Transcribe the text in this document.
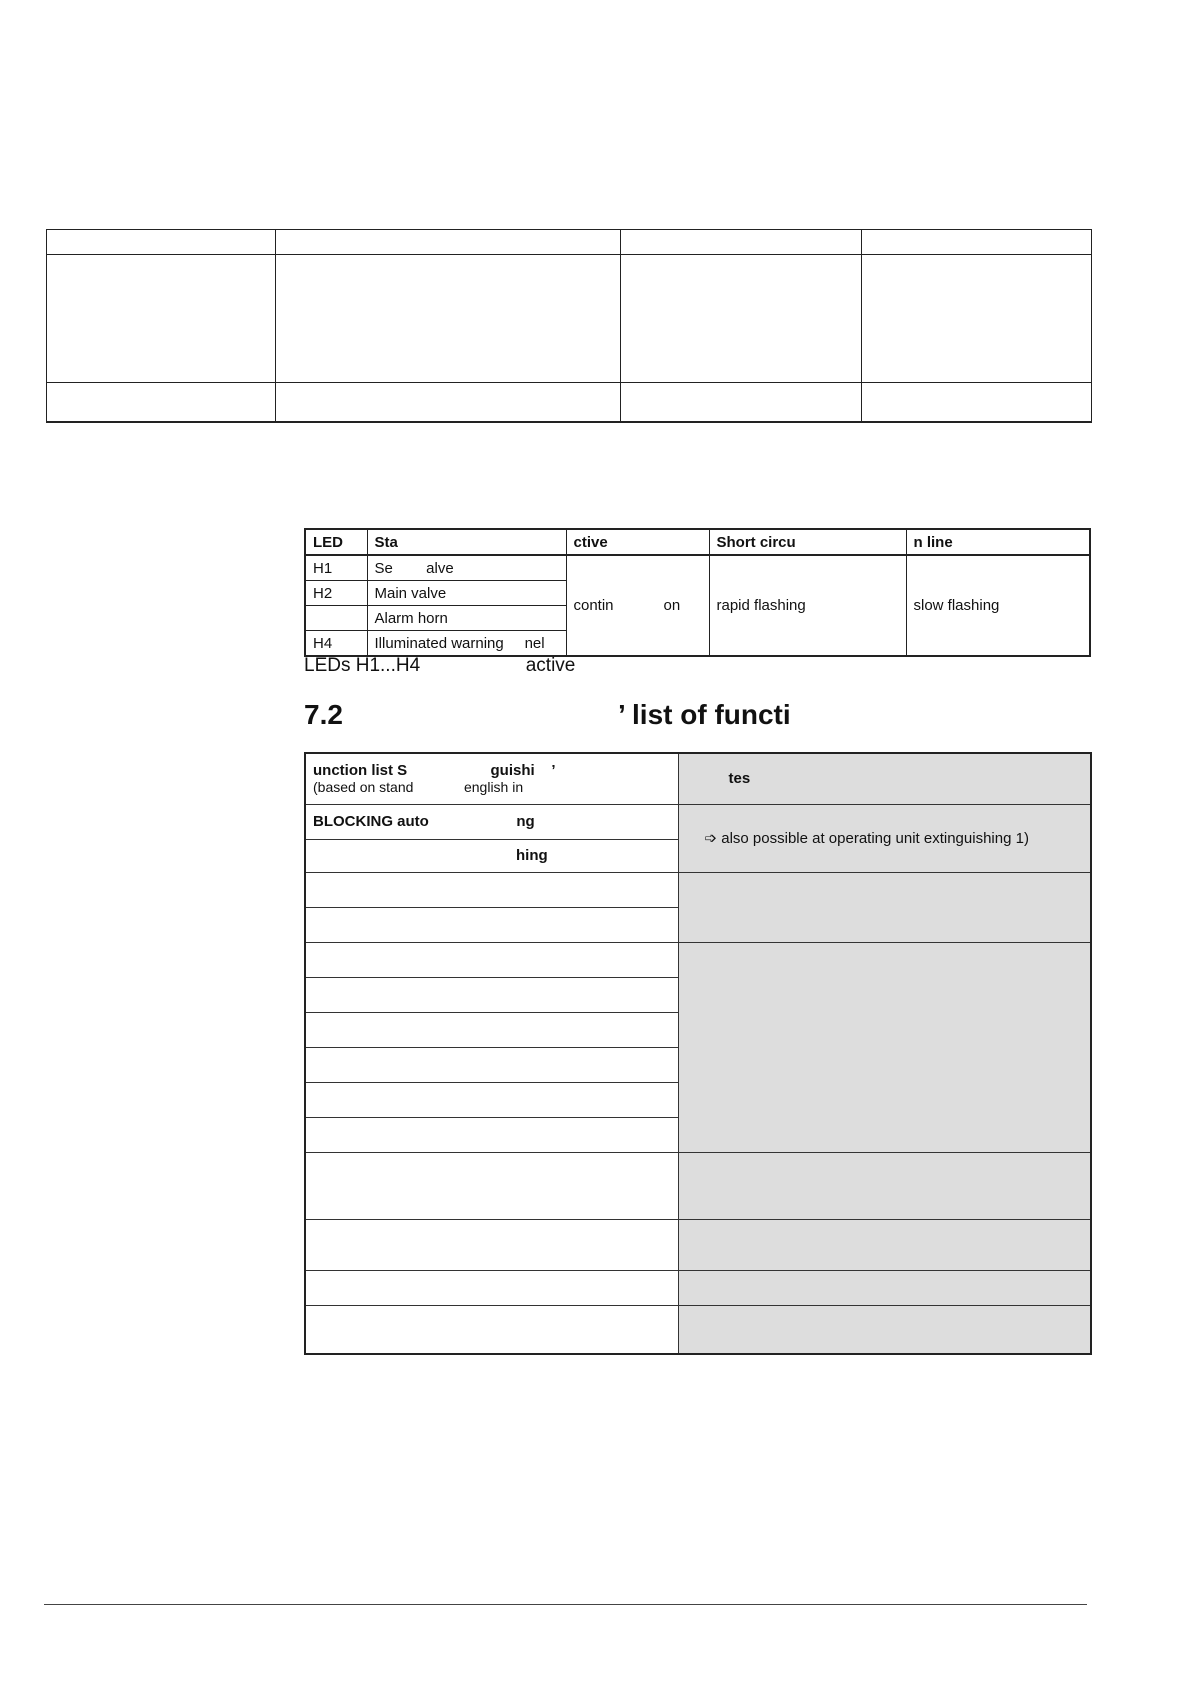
LED	Sta	ctive	Short circu	n line
H1	Se        alve	contin            on	rapid flashing	slow flashing
H2	Main valve			
	Alarm horn			
H4	Illuminated warning     nel			
LEDs H1...H4                    active
7.2	’ list of functi
unction list S                    guishi    ’
(based on stand             english in	tes
BLOCKING auto                     ng	➩ also possible at operating unit extinguishing 1)
hing	
